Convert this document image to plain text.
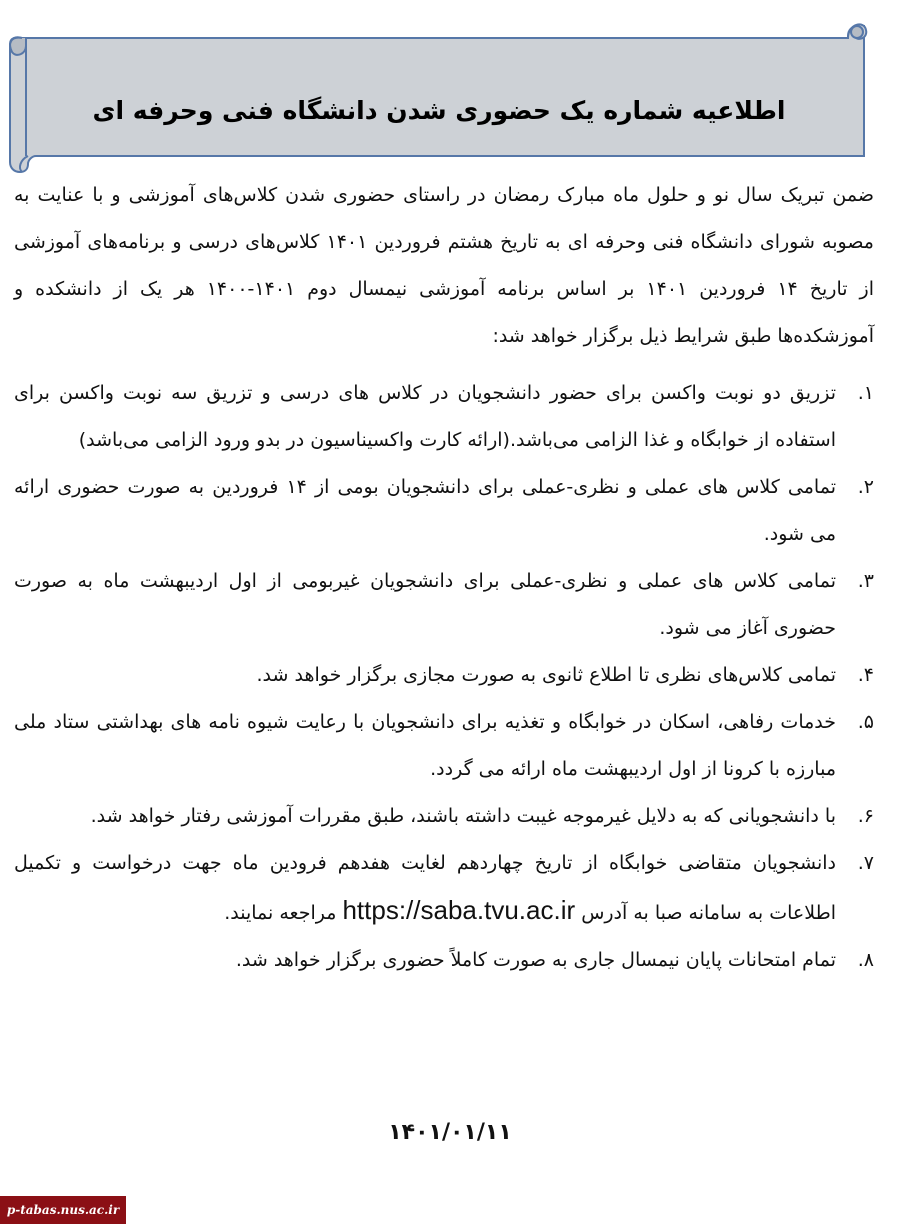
اطلاعیه شماره یک حضوری شدن دانشگاه فنی وحرفه ای
ضمن تبریک سال نو و حلول ماه مبارک رمضان در راستای حضوری شدن کلاس‌های آموزشی و با عنایت به مصوبه شورای دانشگاه فنی وحرفه ای به تاریخ هشتم فروردین ۱۴۰۱ کلاس‌های درسی و برنامه‌های آموزشی از تاریخ ۱۴ فروردین ۱۴۰۱ بر اساس برنامه آموزشی نیمسال دوم ۱۴۰۱-۱۴۰۰ هر یک از دانشکده و آموزشکده‌ها طبق شرایط ذیل برگزار خواهد شد:
۱.
تزریق دو نوبت واکسن برای حضور دانشجویان در کلاس های درسی و تزریق سه نوبت واکسن برای استفاده از خوابگاه و غذا الزامی می‌باشد.(ارائه کارت واکسیناسیون در بدو ورود الزامی می‌باشد)
۲.
تمامی کلاس های عملی و نظری-عملی برای دانشجویان بومی از ۱۴ فروردین به صورت حضوری ارائه می شود.
۳.
تمامی کلاس های عملی و نظری-عملی برای دانشجویان غیربومی از اول اردیبهشت ماه به صورت حضوری آغاز می شود.
۴.
تمامی کلاس‌های نظری تا اطلاع ثانوی به صورت مجازی برگزار خواهد شد.
۵.
خدمات رفاهی، اسکان در خوابگاه و تغذیه برای دانشجویان با رعایت شیوه نامه های بهداشتی ستاد ملی مبارزه با کرونا از اول اردیبهشت ماه ارائه می گردد.
۶.
با دانشجویانی که به دلایل غیرموجه غیبت داشته باشند، طبق مقررات آموزشی رفتار خواهد شد.
۷.
دانشجویان متقاضی خوابگاه از تاریخ چهاردهم لغایت هفدهم فرودین ماه جهت درخواست و تکمیل اطلاعات به سامانه صبا به آدرس https://saba.tvu.ac.ir مراجعه نمایند.
۸.
تمام امتحانات پایان نیمسال جاری به صورت کاملاً حضوری برگزار خواهد شد.
۱۴۰۱/۰۱/۱۱
p-tabas.nus.ac.ir
